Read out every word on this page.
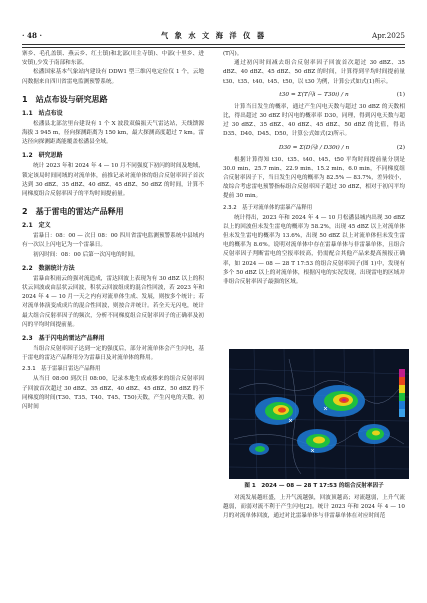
· 48 ·	气 象 水 文 海 洋 仪 器	Apr.2025

寨乡、毛孔盖镇、燕云乡、红土镇)和北部(川主寺镇)、中部(十里乡、进安镇),少发于南部和东部。

松潘国家基本气象站内建设有 DDW1 型三维闪电定位仪 1 个，云地闪数据来自四川省雷电监测预警系统。

1　站点布设与研究思路
1.1　站点布设

松潘县北部岔里台建设有 1 个 X 波段双偏振天气雷达站，天线馈源海拔 3 945 m，径向探测距离为 150 km，最大探测高度超过 7 km。雷达径向探测距离能覆盖松潘县全域。

1.2　研究思路

统计 2023 年和 2024 年 4 — 10 月不同强度下初闪的时间及地域，锁定该局时间同域的对流单体，前推记录对流单体的组合反射率因子首次达到 30 dBZ、35 dBZ、40 dBZ、45 dBZ、50 dBZ 的时间，计算不同梯度组合反射率因子的平均时间提前量。

2　基于雷电的雷达产品释用
2.1　定义

雷暴日：08：00 — 次日 08：00 四川省雷电监测预警系统中县域内有一次以上闪电记为一个雷暴日。

初闪时间：08：00 后第一次闪电的时间。

2.2　数据统计方法

雷暴由积雨云的强对流造成，雷达回波上表现为有 30 dBZ 以上的积状云回波或由层状云回波，积状云回波组成的混合性回波，若 2023 年和 2024 年 4 — 10 月一天之内有对流单体生成、发展，则按多个统计；若对流单体演变成成片的混合性回波，则按合并统计。若全天无闪电，统计最大组合反射率因子的频次，分析不同梯度组合反射率因子的正确率及初闪的平均时间提前量。

2.3　基于闪电的雷达产品释用

当组合反射率因子达到一定的强度后，部分对流单体会产生闪电，基于雷电的雷达产品释用分为雷暴日及对流单体的释用。

2.3.1　基于雷暴日雷达产品释用

从当日 08:00 到次日 08:00，记录本地生成或移来的组合反射率因子回波首次超过 30 dBZ、35 dBZ、40 dBZ、45 dBZ、50 dBZ 的不同梯度的时间(T30、T35、T40、T45、T50)天数，产生闪电的天数、初闪时间

(T闪)。

通过初闪时间减去组合反射率因子回波首次超过 30 dBZ、35 dBZ、40 dBZ、45 dBZ、50 dBZ 的时间，计算得到平均时间提前量 t30、t35、t40、t45、t50，以 t30 为例，计算公式如式(1)所示。

t30 = Σ(T闪i − T30i) / n	(1)

计算当日发生的概率，通过产生闪电天数与超过 30 dBZ 的天数相比，得出超过 30 dBZ 时闪电的概率率 D30，同理，得到闪电天数与超过 30 dBZ、35 dBZ、40 dBZ、45 dBZ、50 dBZ 的比值，得出 D35、D40、D45、D50，计算公式如式(2)所示。

D30 = Σ(D闪i / D30i) / n	(2)

根据计算得知 t30、t35、t40、t45、t50 平均时间提前量分别是 30.0 min、25.7 min、22.9 min、15.2 min、6.0 min，不同梯度组合反射率因子下，当日发生闪电的概率为 82.5% — 83.7%，差异较小，故综合考虑雷电预警指标组合反射率因子超过 30 dBZ，相对于初闪平均提前 30 min。

2.3.2　基于对流单体的雷暴产品释用

统计得出，2023 年和 2024 年 4 — 10 月松潘县城内出现 30 dBZ 以上的回波但未发生雷电的概率为 58.2%，出现 45 dBZ 以上对流单体但未发生雷电的概率为 13.6%，出现 50 dBZ 以上对流单体但未发生雷电的概率为 8.6%。说明对流单体中存在雷暴单体与非雷暴单体，且组合反射率因子判断雷电的空报率较高，仍需配合其他产品来提高预报正确率，如 2024 — 08 — 28 T 17:53 的组合反射率因子(图 1)中，发现有多个 50 dBZ 以上的对流单体，根据闪电的实况发现，出现雷电的区域并非组合反射率因子最强的区域。

图 1　2024 — 08 — 28 T 17:53 的组合反射率因子

对流发展越旺盛，上升气流越强，回波顶越高；对流越弱，上升气流越弱，而弱对流不利于产生闪电[2]。统计 2023 年和 2024 年 4 — 10 月的对流单体回波，通过对比雷暴单体与非雷暴单体在对应时间范
